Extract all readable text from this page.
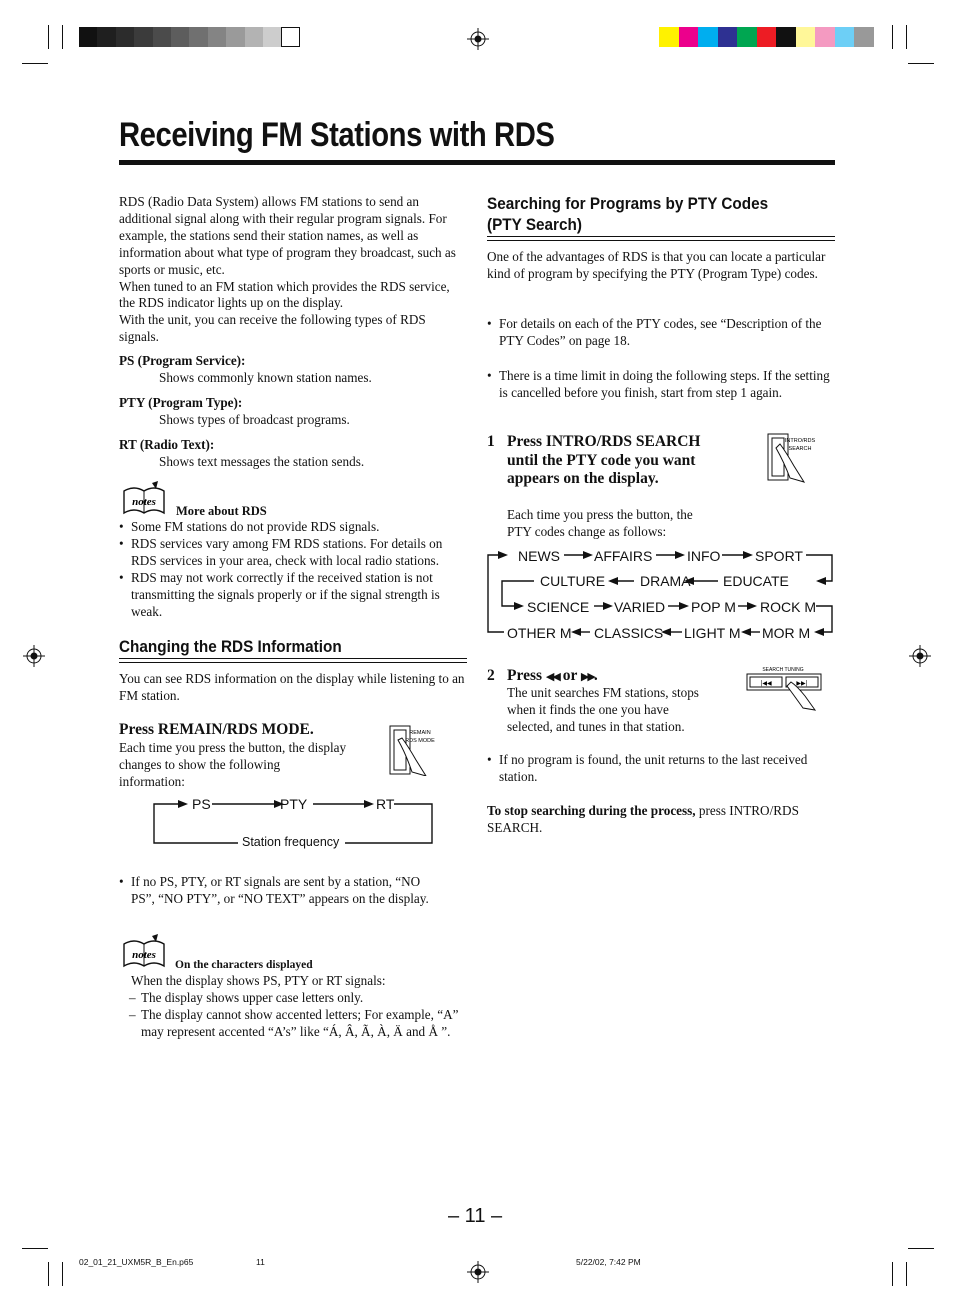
Receiving FM Stations with RDS
RDS (Radio Data System) allows FM stations to send an additional signal along with their regular program signals. For example, the stations send their station names, as well as information about what type of program they broadcast, such as sports or music, etc.
When tuned to an FM station which provides the RDS service, the RDS indicator lights up on the display.
With the unit, you can receive the following types of RDS signals.
PS (Program Service):
Shows commonly known station names.
PTY (Program Type):
Shows types of broadcast programs.
RT (Radio Text):
Shows text messages the station sends.
notes
More about RDS
• Some FM stations do not provide RDS signals.
• RDS services vary among FM RDS stations. For details on RDS services in your area, check with local radio stations.
• RDS may not work correctly if the received station is not transmitting the signals properly or if the signal strength is weak.
Changing the RDS Information
You can see RDS information on the display while listening to an FM station.
Press REMAIN/RDS MODE.
Each time you press the button, the display changes to show the following information:
REMAIN
RDS MODE
PS	PTY	RT
Station frequency
• If no PS, PTY, or RT signals are sent by a station, “NO PS”, “NO PTY”, or “NO TEXT” appears on the display.
notes
On the characters displayed
When the display shows PS, PTY or RT signals:
– The display shows upper case letters only.
– The display cannot show accented letters; For example, “A” may represent accented “A’s” like “Á, Â, Ã, À, Ä and Å ”.
Searching for Programs by PTY Codes
(PTY Search)
One of the advantages of RDS is that you can locate a particular kind of program by specifying the PTY (Program Type) codes.
• For details on each of the PTY codes, see “Description of the PTY Codes” on page 18.
• There is a time limit in doing the following steps. If the setting is cancelled before you finish, start from step 1 again.
1 Press INTRO/RDS SEARCH until the PTY code you want appears on the display.
Each time you press the button, the PTY codes change as follows:
INTRO/RDS
SEARCH
NEWS AFFAIRS INFO SPORT
CULTURE DRAMA EDUCATE
SCIENCE VARIED POP M ROCK M
OTHER M CLASSICS LIGHT M MOR M
2 Press ◀◀ or ▶▶.
The unit searches FM stations, stops when it finds the one you have selected, and tunes in that station.
SEARCH TUNING
|◀◀	▶▶|
• If no program is found, the unit returns to the last received station.
To stop searching during the process, press INTRO/RDS SEARCH.
– 11 –
02_01_21_UXM5R_B_En.p65	11	5/22/02, 7:42 PM
